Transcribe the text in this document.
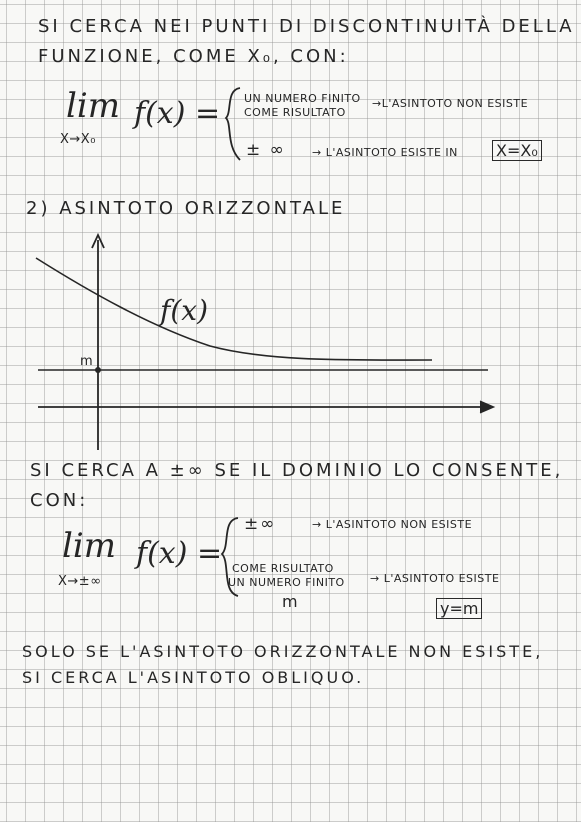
SI CERCA NEI PUNTI DI DISCONTINUITÀ DELLA
FUNZIONE, COME X₀, CON:
lim
X→X₀
f(x) = UN NUMERO FINITO
COME RISULTATO
→L'ASINTOTO NON ESISTE
± ∞ → L'ASINTOTO ESISTE IN X=X₀
2) ASINTOTO ORIZZONTALE
f(x)
m
SI CERCA A ±∞ SE IL DOMINIO LO CONSENTE,
CON:
lim
X→±∞
f(x) =
±∞	→ L'ASINTOTO NON ESISTE
COME RISULTATO
UN NUMERO FINITO → L'ASINTOTO ESISTE
m	y=m
SOLO SE L'ASINTOTO ORIZZONTALE NON ESISTE,
SI CERCA L'ASINTOTO OBLIQUO.
